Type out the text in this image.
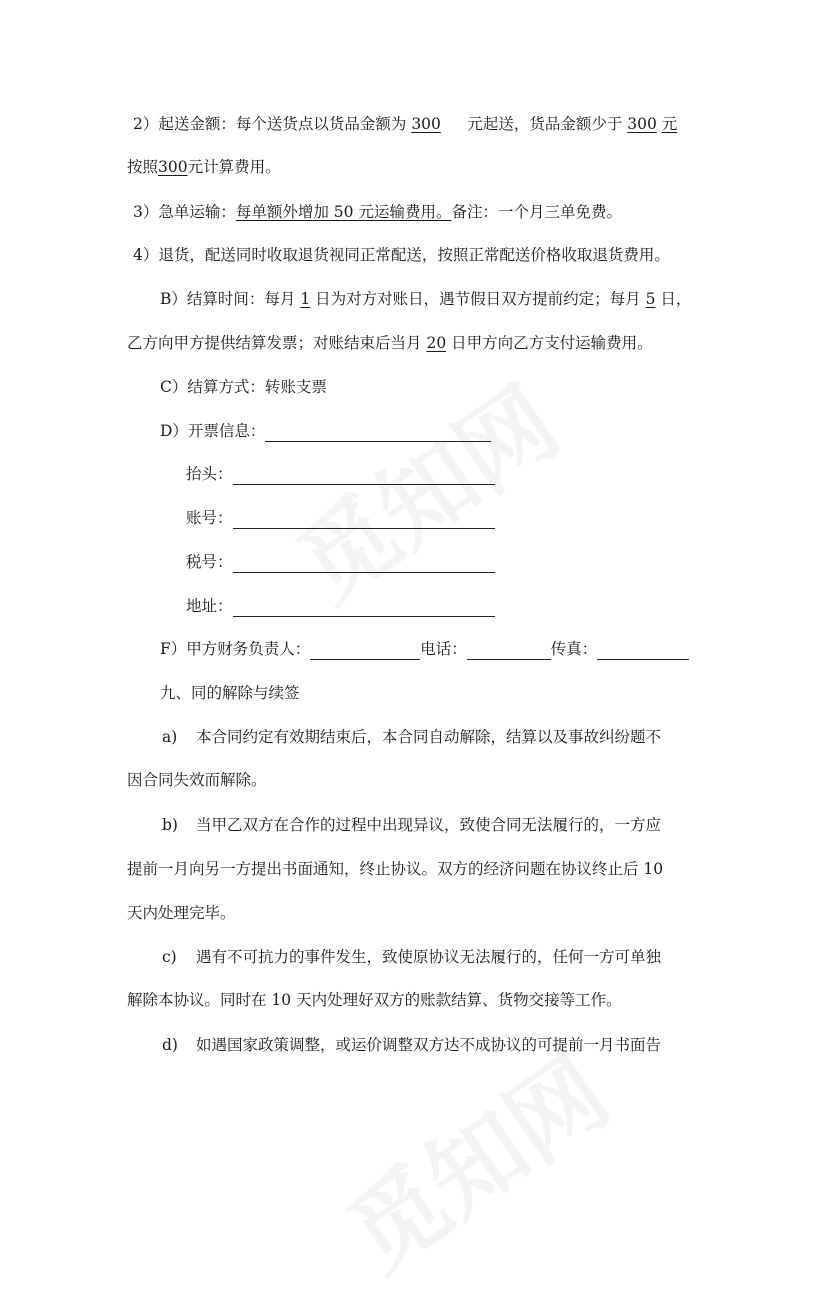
2）起送金额：每个送货点以货品金额为 300 元起送，货品金额少于 300 元
按照300元计算费用。
3）急单运输：每单额外增加 50 元运输费用。备注：一个月三单免费。
4）退货，配送同时收取退货视同正常配送，按照正常配送价格收取退货费用。
B）结算时间：每月 1 日为对方对账日，遇节假日双方提前约定；每月 5 日，
乙方向甲方提供结算发票；对账结束后当月 20 日甲方向乙方支付运输费用。
C）结算方式：转账支票
D）开票信息：
抬头：
账号：
税号：
地址：
F）甲方财务负责人：	电话：	传真：
九、同的解除与续签
a) 本合同约定有效期结束后，本合同自动解除，结算以及事故纠纷题不
因合同失效而解除。
b) 当甲乙双方在合作的过程中出现异议，致使合同无法履行的，一方应
提前一月向另一方提出书面通知，终止协议。双方的经济问题在协议终止后 10
天内处理完毕。
c) 遇有不可抗力的事件发生，致使原协议无法履行的，任何一方可单独
解除本协议。同时在 10 天内处理好双方的账款结算、货物交接等工作。
d) 如遇国家政策调整，或运价调整双方达不成协议的可提前一月书面告
